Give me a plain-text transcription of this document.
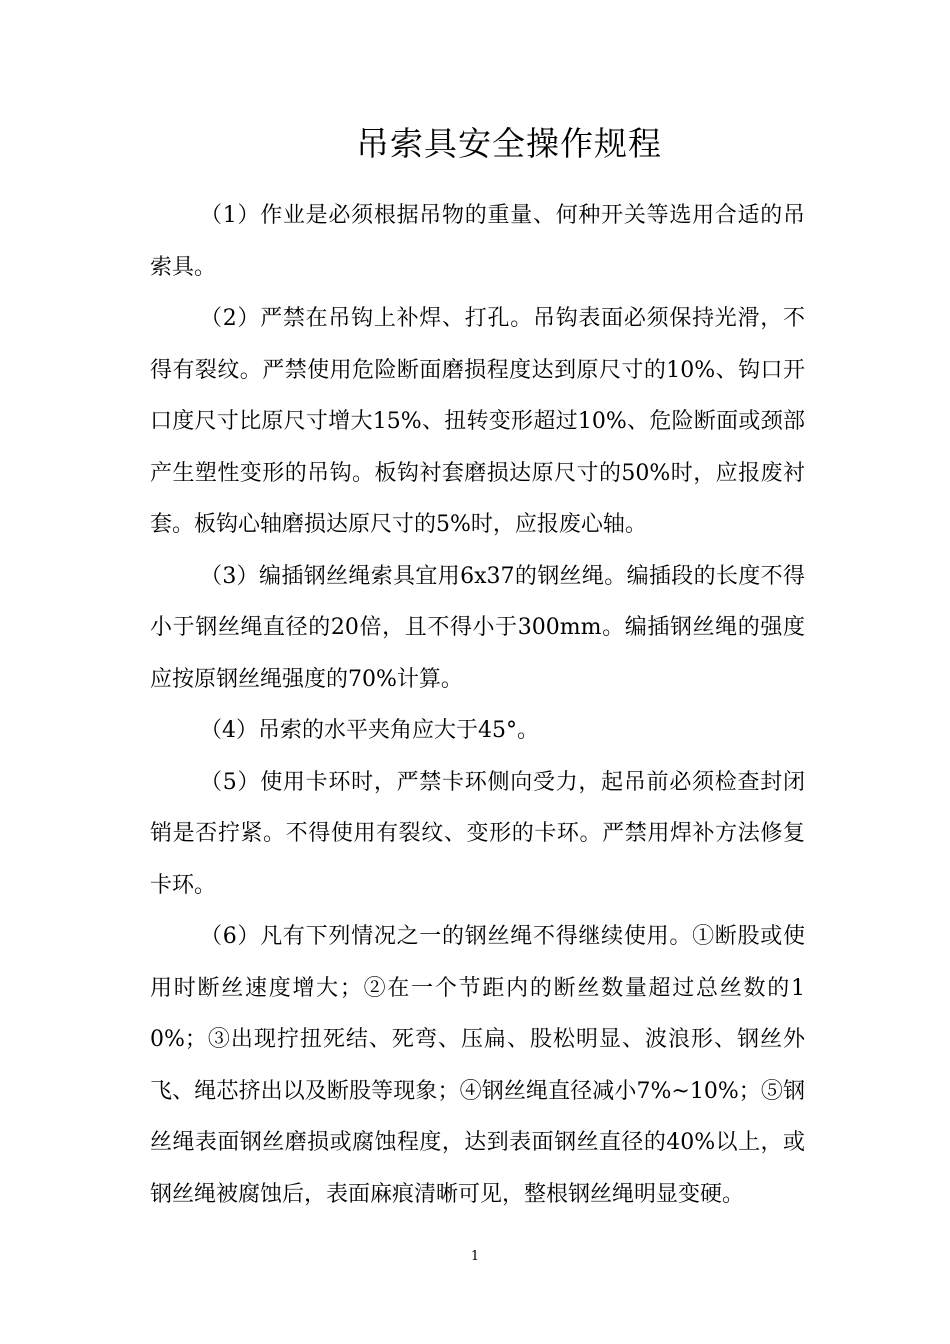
吊索具安全操作规程

（1）作业是必须根据吊物的重量、何种开关等选用合适的吊索具。

（2）严禁在吊钩上补焊、打孔。吊钩表面必须保持光滑，不得有裂纹。严禁使用危险断面磨损程度达到原尺寸的10%、钩口开口度尺寸比原尺寸增大15%、扭转变形超过10%、危险断面或颈部产生塑性变形的吊钩。板钩衬套磨损达原尺寸的50%时，应报废衬套。板钩心轴磨损达原尺寸的5%时，应报废心轴。

（3）编插钢丝绳索具宜用6x37的钢丝绳。编插段的长度不得小于钢丝绳直径的20倍，且不得小于300mm。编插钢丝绳的强度应按原钢丝绳强度的70%计算。

（4）吊索的水平夹角应大于45°。

（5）使用卡环时，严禁卡环侧向受力，起吊前必须检查封闭销是否拧紧。不得使用有裂纹、变形的卡环。严禁用焊补方法修复卡环。

（6）凡有下列情况之一的钢丝绳不得继续使用。①断股或使用时断丝速度增大；②在一个节距内的断丝数量超过总丝数的10%；③出现拧扭死结、死弯、压扁、股松明显、波浪形、钢丝外飞、绳芯挤出以及断股等现象；④钢丝绳直径减小7%~10%；⑤钢丝绳表面钢丝磨损或腐蚀程度，达到表面钢丝直径的40%以上，或钢丝绳被腐蚀后，表面麻痕清晰可见，整根钢丝绳明显变硬。

1
